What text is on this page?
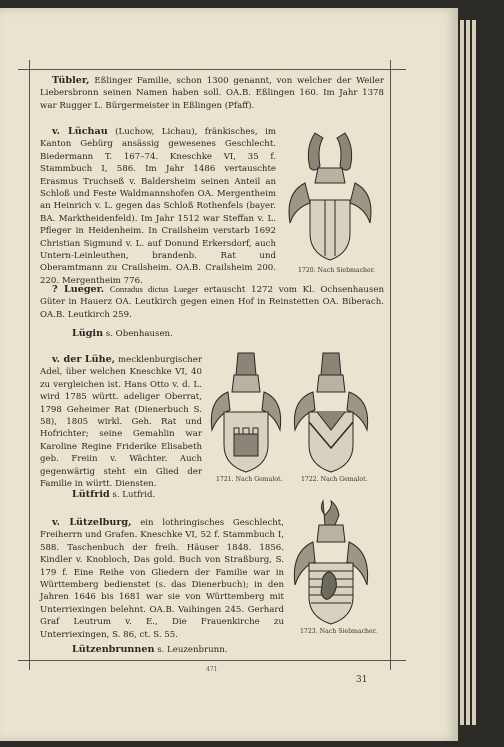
Tübler, Eßlinger Familie, schon 1300 genannt, von welcher der Weiler Liebersbronn seinen Namen haben soll. OA.B. Eßlingen 160. Im Jahr 1378 war Rugger L. Bürgermeister in Eßlingen (Pfaff).
v. Lüchau (Luchow, Lichau), fränkisches, im Kanton Gebürg ansässig gewesenes Geschlecht. Biedermann T. 167–74. Kneschke VI, 35 f. Stammbuch I, 586. Im Jahr 1486 vertauschte Erasmus Truchseß v. Baldersheim seinen Anteil an Schloß und Feste Waldmannshofen OA. Mergentheim an Heinrich v. L. gegen das Schloß Rothenfels (bayer. BA. Marktheidenfeld). Im Jahr 1512 war Steffan v. L. Pfleger in Heidenheim. In Crailsheim verstarb 1692 Christian Sigmund v. L. auf Donund Erkersdorf, auch Untern-Leinleuthen, brandenb. Rat und Oberamtmann zu Crailsheim. OA.B. Crailsheim 200. 220. Mergentheim 776.
1720. Nach Siebmacher.
? Lueger. Conradus dictus Lueger ertauscht 1272 vom Kl. Ochsenhausen Güter in Hauerz OA. Leutkirch gegen einen Hof in Reinstetten OA. Biberach. OA.B. Leutkirch 259.
Lügin s. Obenhausen.
v. der Lühe, mecklenburgischer Adel, über welchen Kneschke VI, 40 zu vergleichen ist. Hans Otto v. d. L. wird 1785 württ. adeliger Oberrat, 1798 Geheimer Rat (Dienerbuch S. 58), 1805 wirkl. Geh. Rat und Hofrichter; seine Gemahlin war Karoline Regine Friderike Elisabeth geb. Freiin v. Wächter. Auch gegenwärtig steht ein Glied der Familie in württ. Diensten.	1721. Nach Gemalot.	1722. Nach Gemalot.
Lütfrid s. Lutfrid.
v. Lützelburg, ein lothringisches Geschlecht, Freiherrn und Grafen. Kneschke VI, 52 f. Stammbuch I, 588. Taschenbuch der freih. Häuser 1848. 1856. Kindler v. Knobloch, Das gold. Buch von Straßburg, S. 179 f. Eine Reihe von Gliedern der Familie war in Württemberg bedienstet (s. das Dienerbuch); in den Jahren 1646 bis 1681 war sie von Württemberg mit Unterriexingen belehnt. OA.B. Vaihingen 245. Gerhard Graf Leutrum v. E., Die Frauenkirche zu Unterriexingen, S. 86, ct. S. 55.	1723. Nach Siebmacher.
Lützenbrunnen s. Leuzenbrunn.
471
31
